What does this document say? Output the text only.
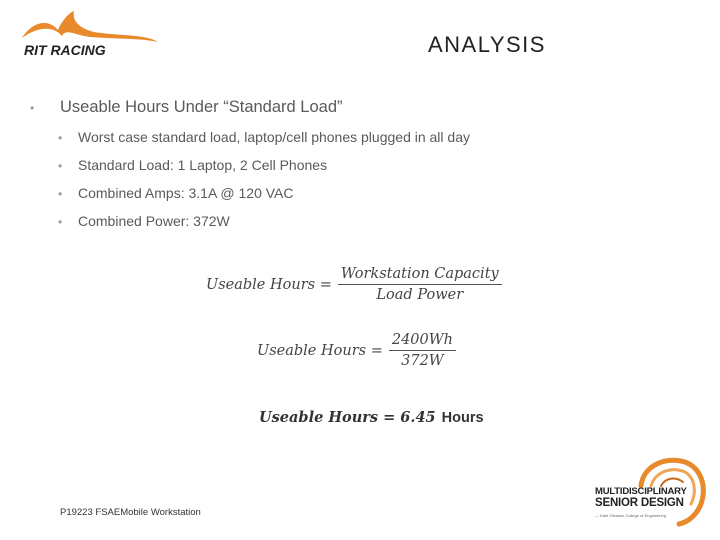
RIT RACING	ANALYSIS
•	Useable Hours Under “Standard Load”
•	Worst case standard load, laptop/cell phones plugged in all day
•	Standard Load: 1 Laptop, 2 Cell Phones
•	Combined Amps: 3.1A @ 120 VAC
•	Combined Power: 372W
Useable Hours = $\frac{\text{Workstation Capacity}}{\text{Load Power}}$
Useable Hours = $\frac{2400Wh}{372W}$
Useable Hours = 6.45 Hours
P19223 FSAEMobile Workstation
MULTIDISCIPLINARY
SENIOR DESIGN
— Kate Gleason College of Engineering
